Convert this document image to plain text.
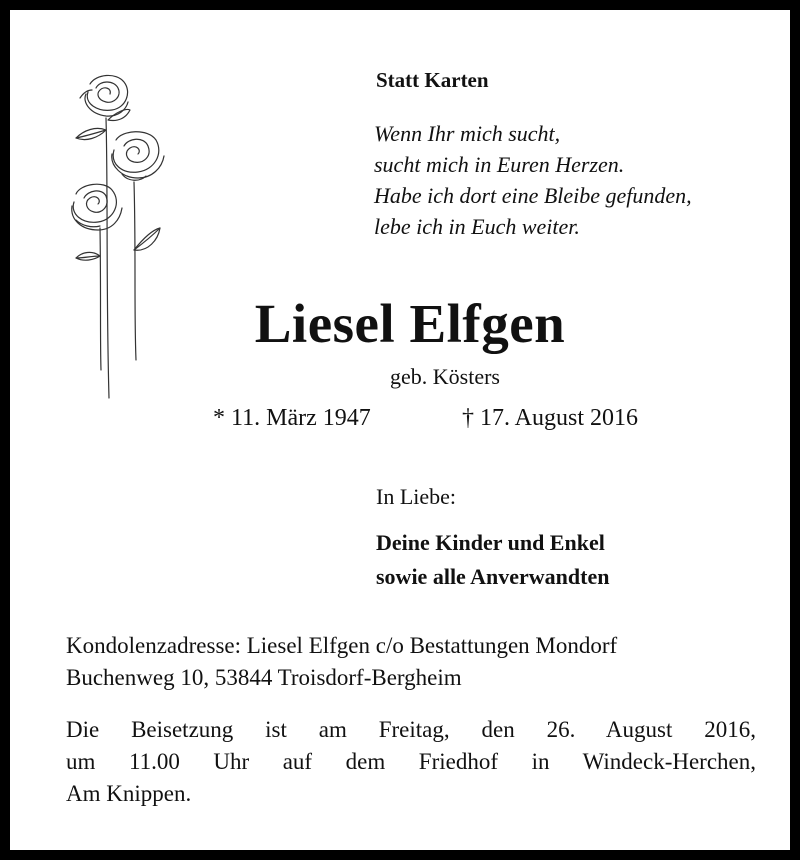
Statt Karten
Wenn Ihr mich sucht,
sucht mich in Euren Herzen.
Habe ich dort eine Bleibe gefunden,
lebe ich in Euch weiter.
Liesel Elfgen
geb. Kösters
* 11. März 1947	† 17. August 2016
In Liebe:
Deine Kinder und Enkel
sowie alle Anverwandten
Kondolenzadresse: Liesel Elfgen c/o Bestattungen Mondorf
Buchenweg 10, 53844 Troisdorf-Bergheim
Die Beisetzung ist am Freitag, den 26. August 2016,
um 11.00 Uhr auf dem Friedhof in Windeck-Herchen,
Am Knippen.
